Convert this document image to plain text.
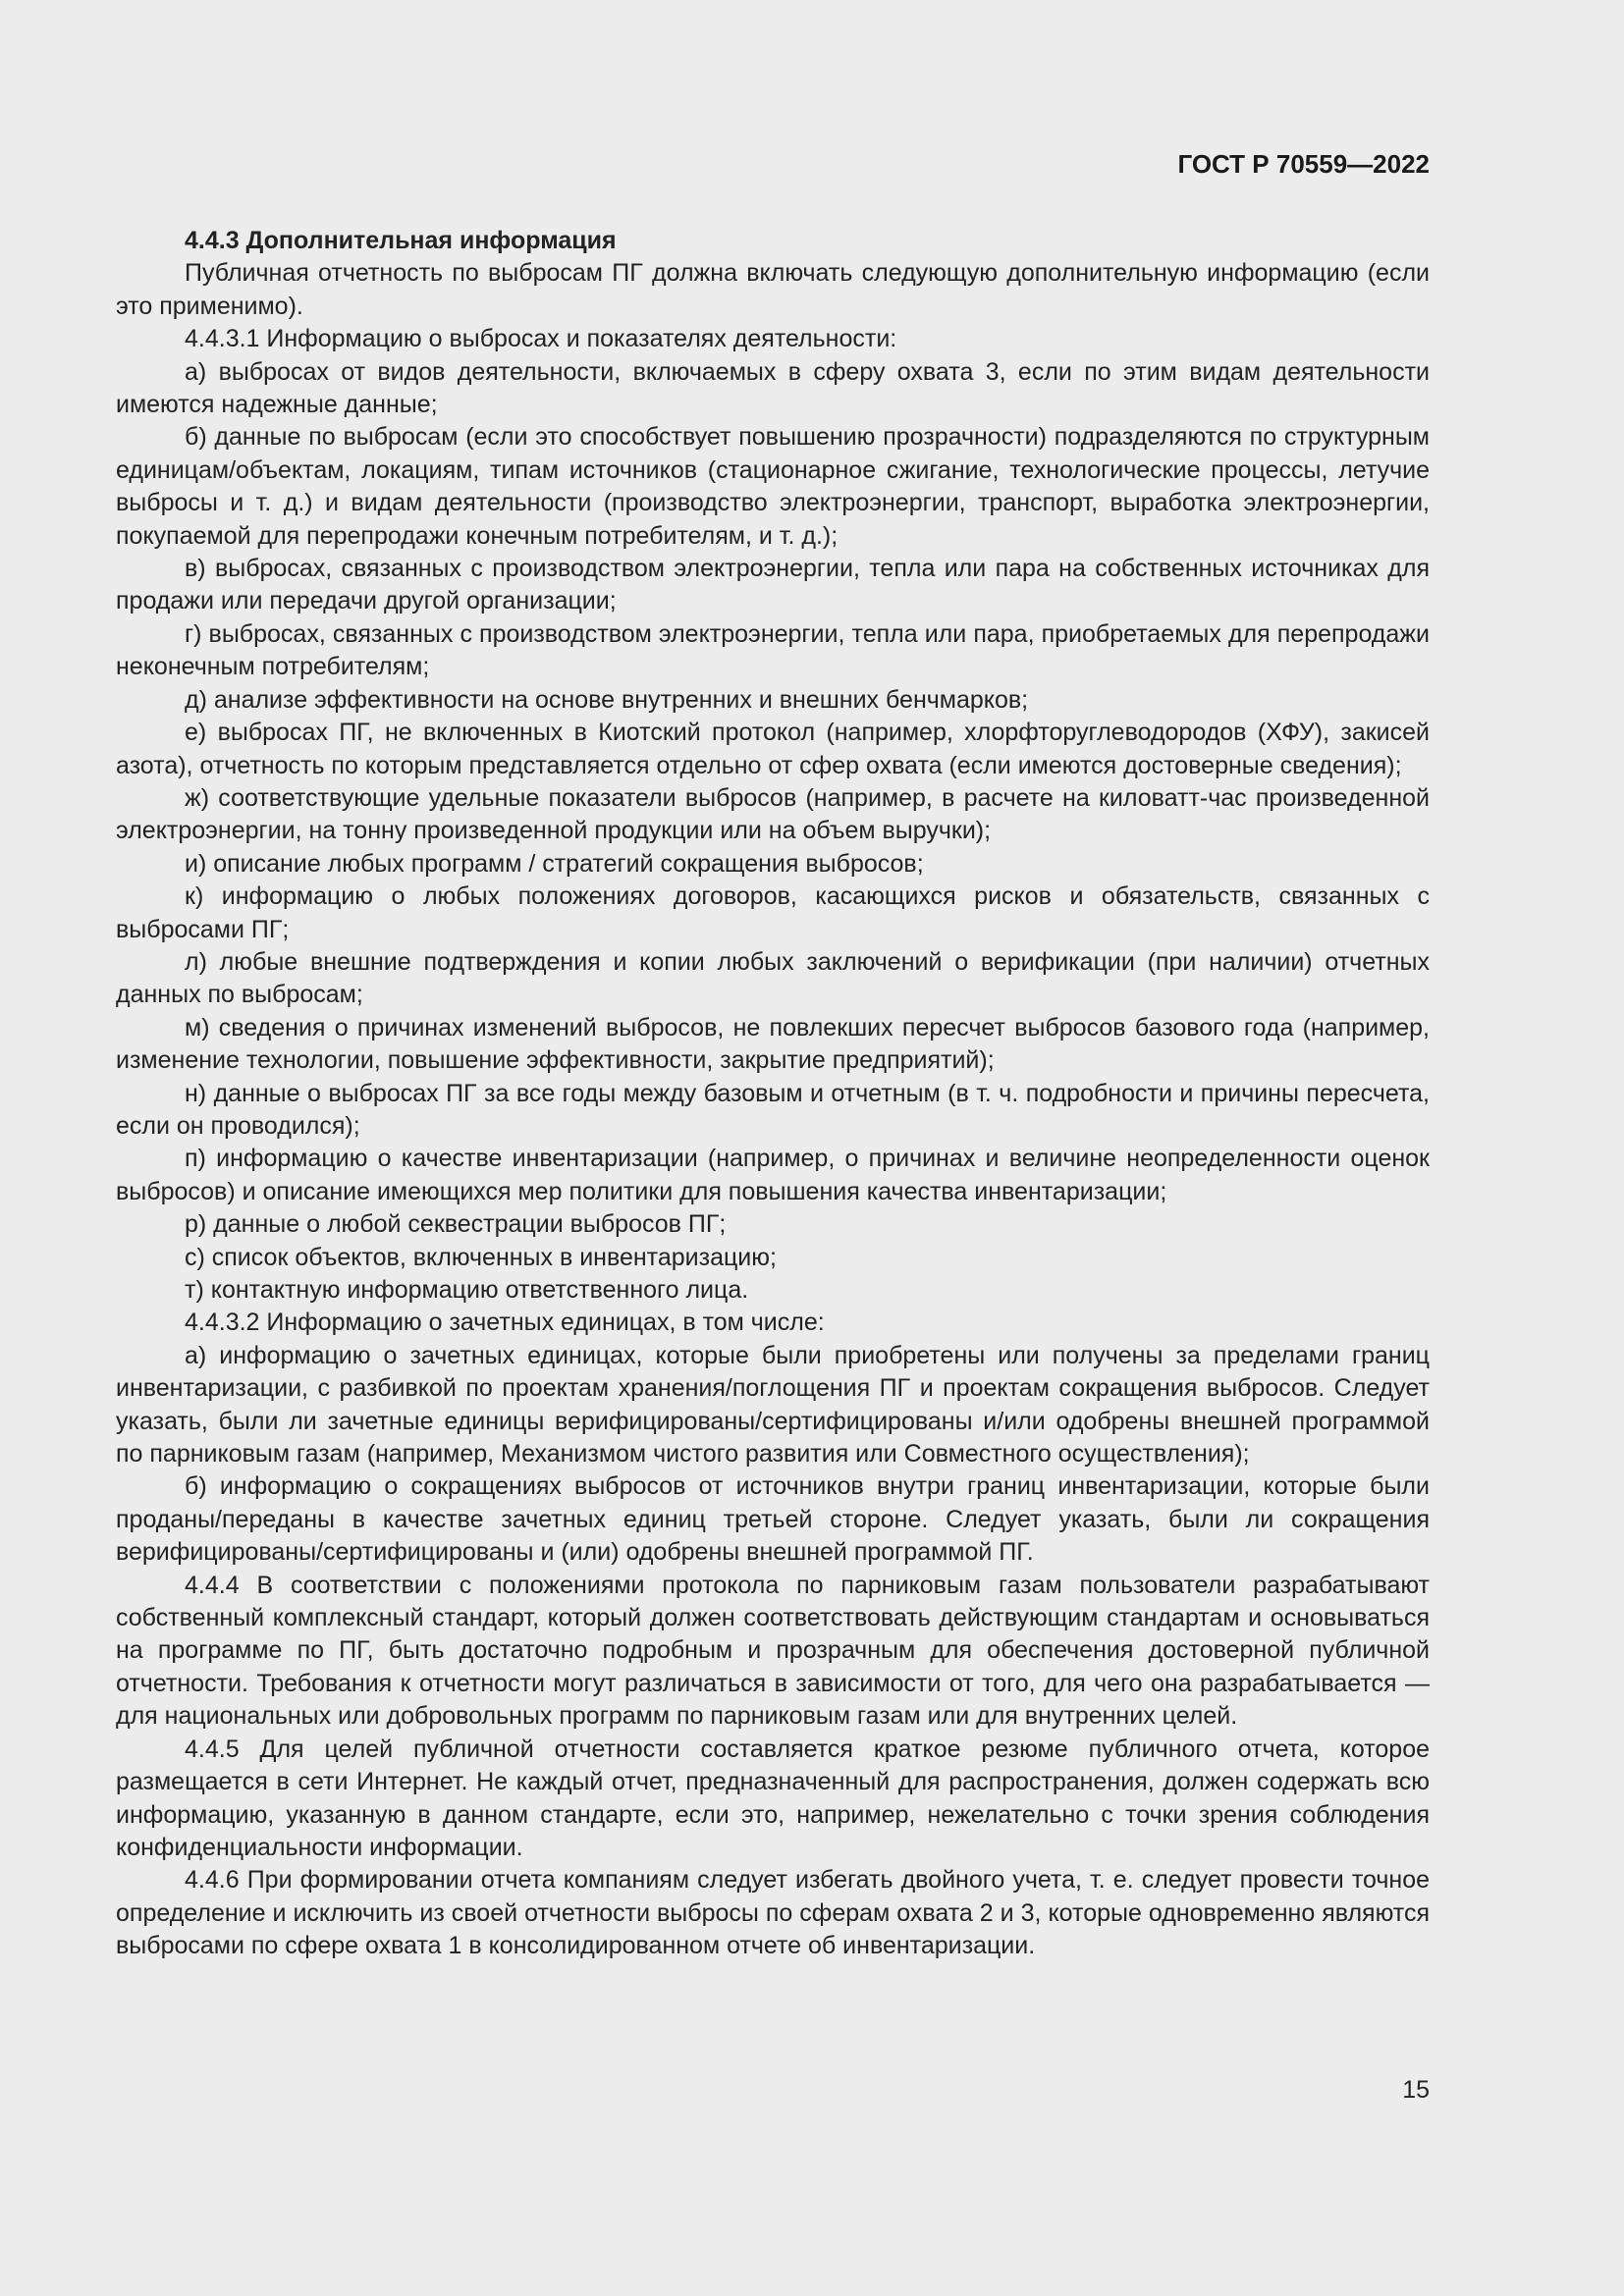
ГОСТ Р 70559—2022

4.4.3 Дополнительная информация

Публичная отчетность по выбросам ПГ должна включать следующую дополнительную информацию (если это применимо).

4.4.3.1 Информацию о выбросах и показателях деятельности:

а) выбросах от видов деятельности, включаемых в сферу охвата 3, если по этим видам деятельности имеются надежные данные;

б) данные по выбросам (если это способствует повышению прозрачности) подразделяются по структурным единицам/объектам, локациям, типам источников (стационарное сжигание, технологические процессы, летучие выбросы и т. д.) и видам деятельности (производство электроэнергии, транспорт, выработка электроэнергии, покупаемой для перепродажи конечным потребителям, и т. д.);

в) выбросах, связанных с производством электроэнергии, тепла или пара на собственных источниках для продажи или передачи другой организации;

г) выбросах, связанных с производством электроэнергии, тепла или пара, приобретаемых для перепродажи неконечным потребителям;

д) анализе эффективности на основе внутренних и внешних бенчмарков;

е) выбросах ПГ, не включенных в Киотский протокол (например, хлорфторуглеводородов (ХФУ), закисей азота), отчетность по которым представляется отдельно от сфер охвата (если имеются достоверные сведения);

ж) соответствующие удельные показатели выбросов (например, в расчете на киловатт-час произведенной электроэнергии, на тонну произведенной продукции или на объем выручки);

и) описание любых программ / стратегий сокращения выбросов;

к) информацию о любых положениях договоров, касающихся рисков и обязательств, связанных с выбросами ПГ;

л) любые внешние подтверждения и копии любых заключений о верификации (при наличии) отчетных данных по выбросам;

м) сведения о причинах изменений выбросов, не повлекших пересчет выбросов базового года (например, изменение технологии, повышение эффективности, закрытие предприятий);

н) данные о выбросах ПГ за все годы между базовым и отчетным (в т. ч. подробности и причины пересчета, если он проводился);

п) информацию о качестве инвентаризации (например, о причинах и величине неопределенности оценок выбросов) и описание имеющихся мер политики для повышения качества инвентаризации;

р) данные о любой секвестрации выбросов ПГ;

с) список объектов, включенных в инвентаризацию;

т) контактную информацию ответственного лица.

4.4.3.2 Информацию о зачетных единицах, в том числе:

а) информацию о зачетных единицах, которые были приобретены или получены за пределами границ инвентаризации, с разбивкой по проектам хранения/поглощения ПГ и проектам сокращения выбросов. Следует указать, были ли зачетные единицы верифицированы/сертифицированы и/или одобрены внешней программой по парниковым газам (например, Механизмом чистого развития или Совместного осуществления);

б) информацию о сокращениях выбросов от источников внутри границ инвентаризации, которые были проданы/переданы в качестве зачетных единиц третьей стороне. Следует указать, были ли сокращения верифицированы/сертифицированы и (или) одобрены внешней программой ПГ.

4.4.4 В соответствии с положениями протокола по парниковым газам пользователи разрабатывают собственный комплексный стандарт, который должен соответствовать действующим стандартам и основываться на программе по ПГ, быть достаточно подробным и прозрачным для обеспечения достоверной публичной отчетности. Требования к отчетности могут различаться в зависимости от того, для чего она разрабатывается — для национальных или добровольных программ по парниковым газам или для внутренних целей.

4.4.5 Для целей публичной отчетности составляется краткое резюме публичного отчета, которое размещается в сети Интернет. Не каждый отчет, предназначенный для распространения, должен содержать всю информацию, указанную в данном стандарте, если это, например, нежелательно с точки зрения соблюдения конфиденциальности информации.

4.4.6 При формировании отчета компаниям следует избегать двойного учета, т. е. следует провести точное определение и исключить из своей отчетности выбросы по сферам охвата 2 и 3, которые одновременно являются выбросами по сфере охвата 1 в консолидированном отчете об инвентаризации.

15
